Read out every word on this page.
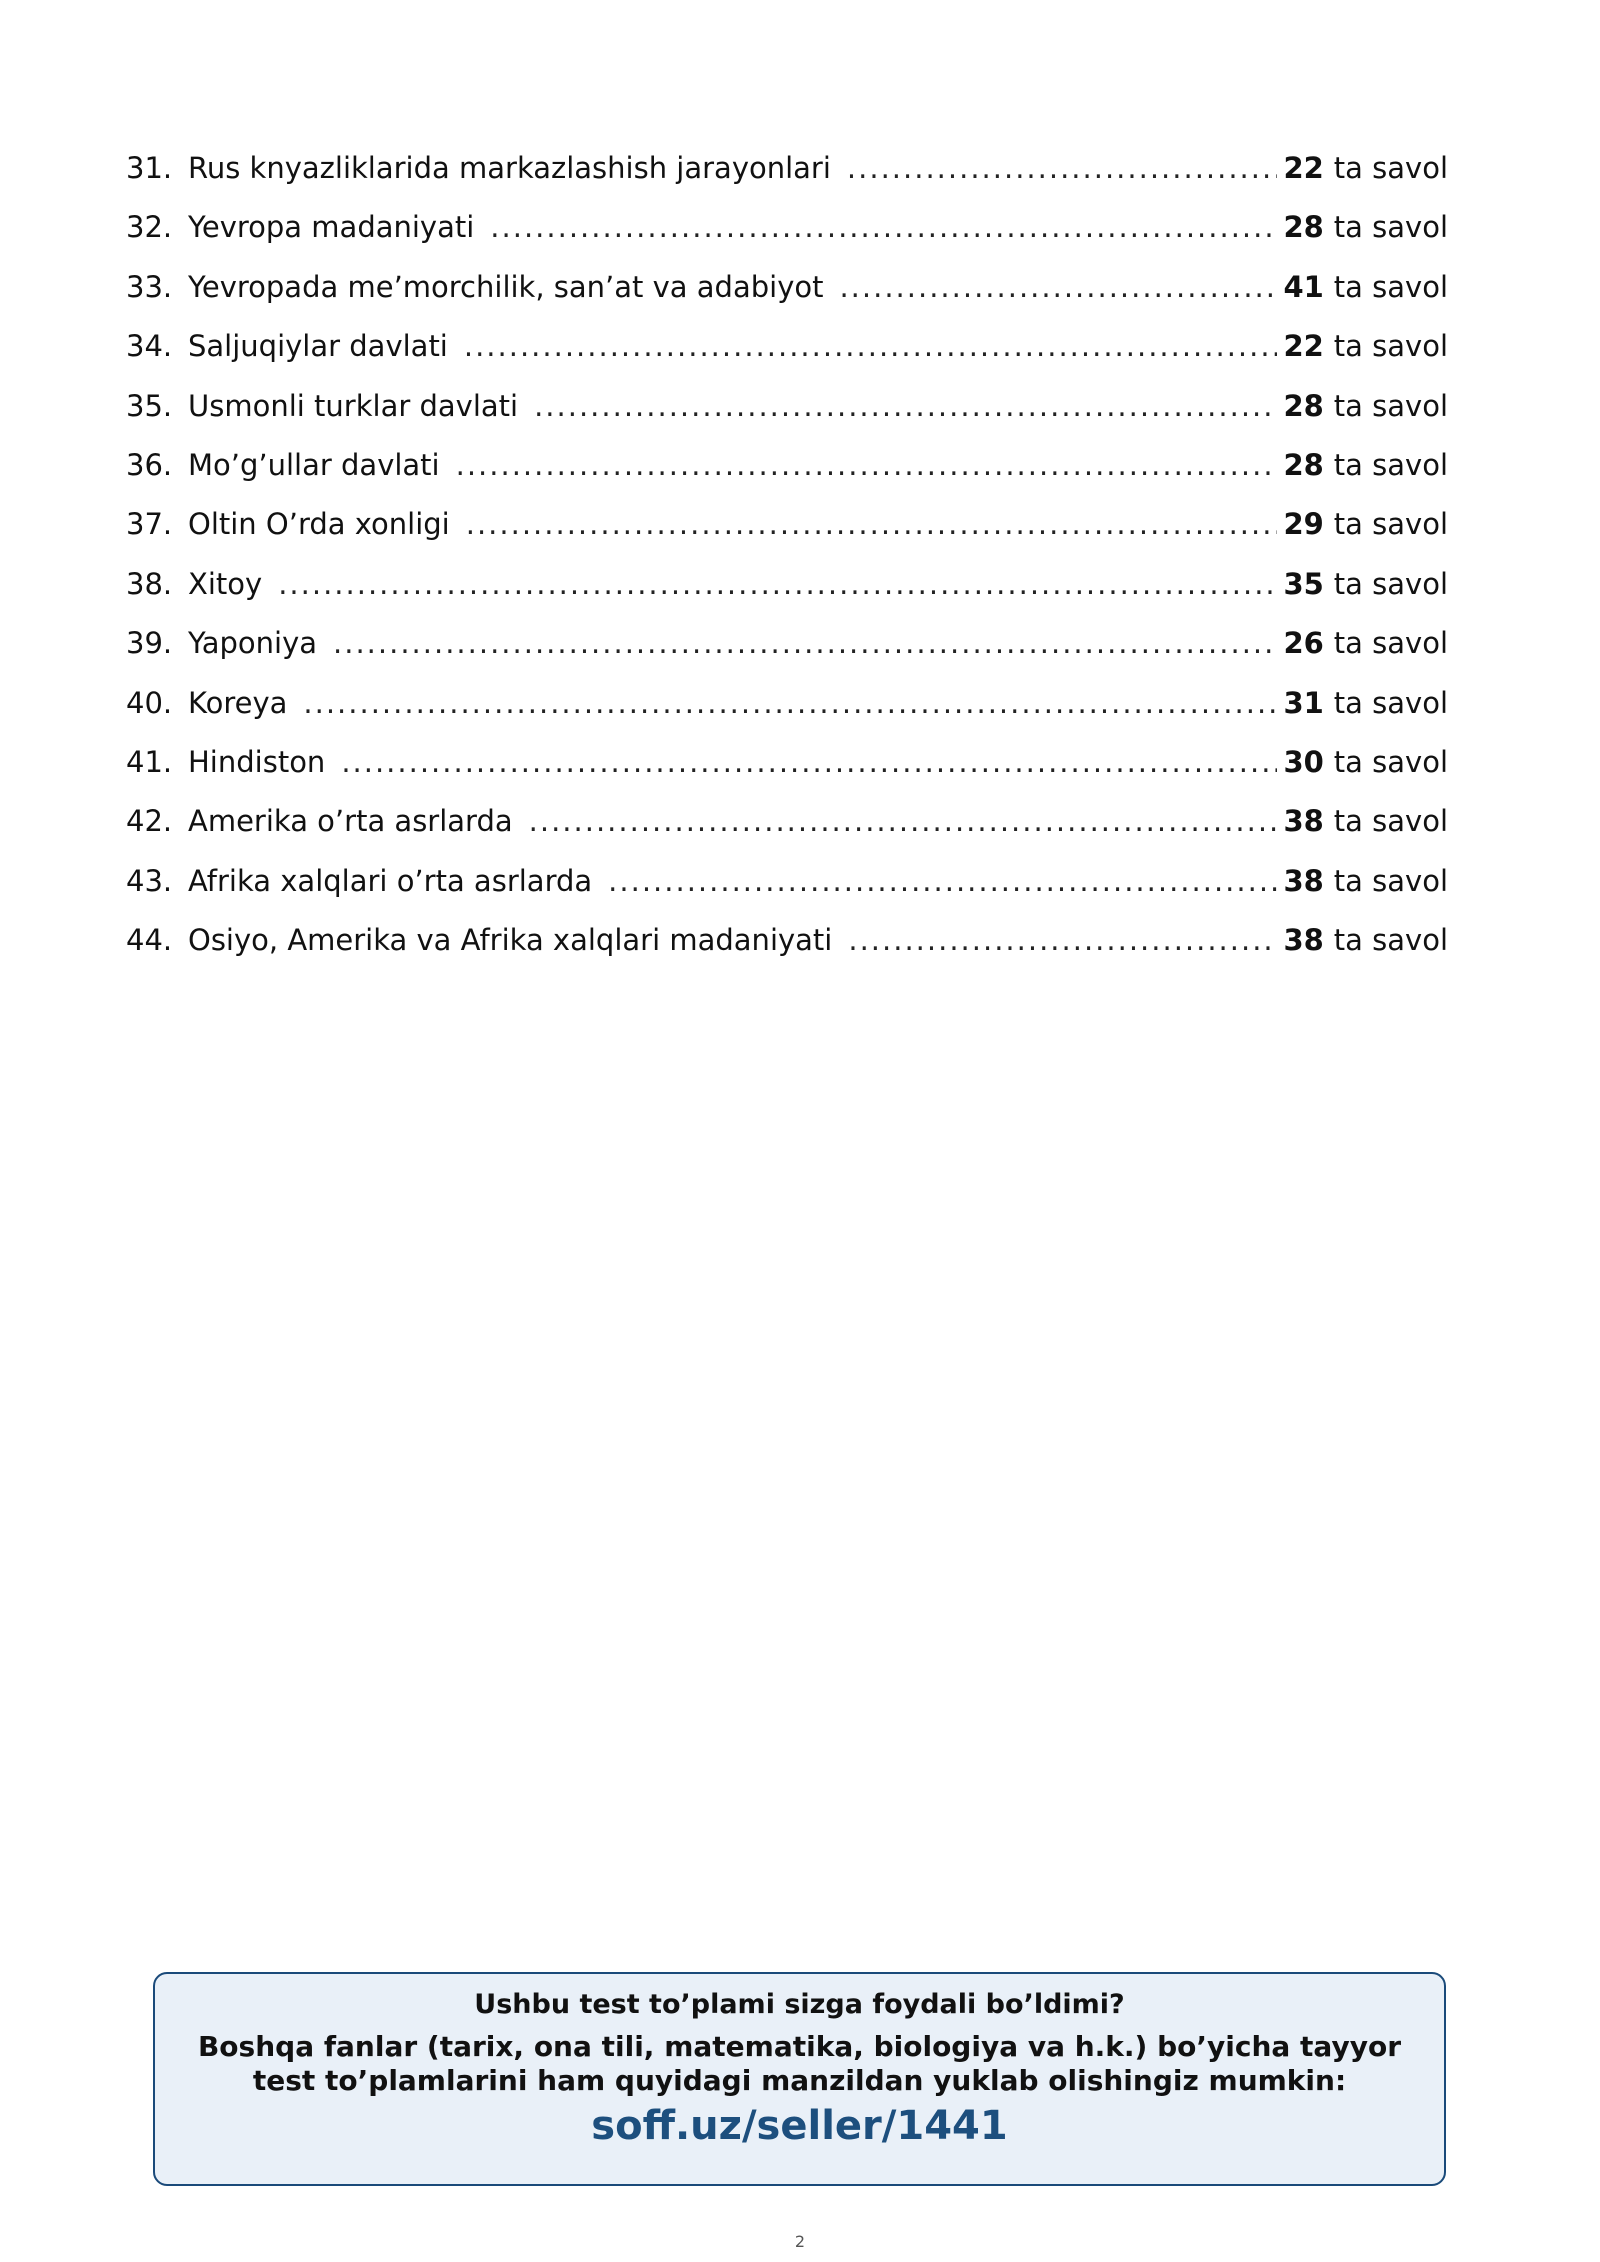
31. Rus knyazliklarida markazlashish jarayonlari .....	22 ta savol
32. Yevropa madaniyati .....	28 ta savol
33. Yevropada me’morchilik, san’at va adabiyot .....	41 ta savol
34. Saljuqiylar davlati .....	22 ta savol
35. Usmonli turklar davlati .....	28 ta savol
36. Mo’g’ullar davlati .....	28 ta savol
37. Oltin O’rda xonligi .....	29 ta savol
38. Xitoy .....	35 ta savol
39. Yaponiya .....	26 ta savol
40. Koreya .....	31 ta savol
41. Hindiston .....	30 ta savol
42. Amerika o’rta asrlarda .....	38 ta savol
43. Afrika xalqlari o’rta asrlarda .....	38 ta savol
44. Osiyo, Amerika va Afrika xalqlari madaniyati .....	38 ta savol
Ushbu test to’plami sizga foydali bo’ldimi?
Boshqa fanlar (tarix, ona tili, matematika, biologiya va h.k.) bo’yicha tayyor test to’plamlarini ham quyidagi manzildan yuklab olishingiz mumkin:
soff.uz/seller/1441
2
